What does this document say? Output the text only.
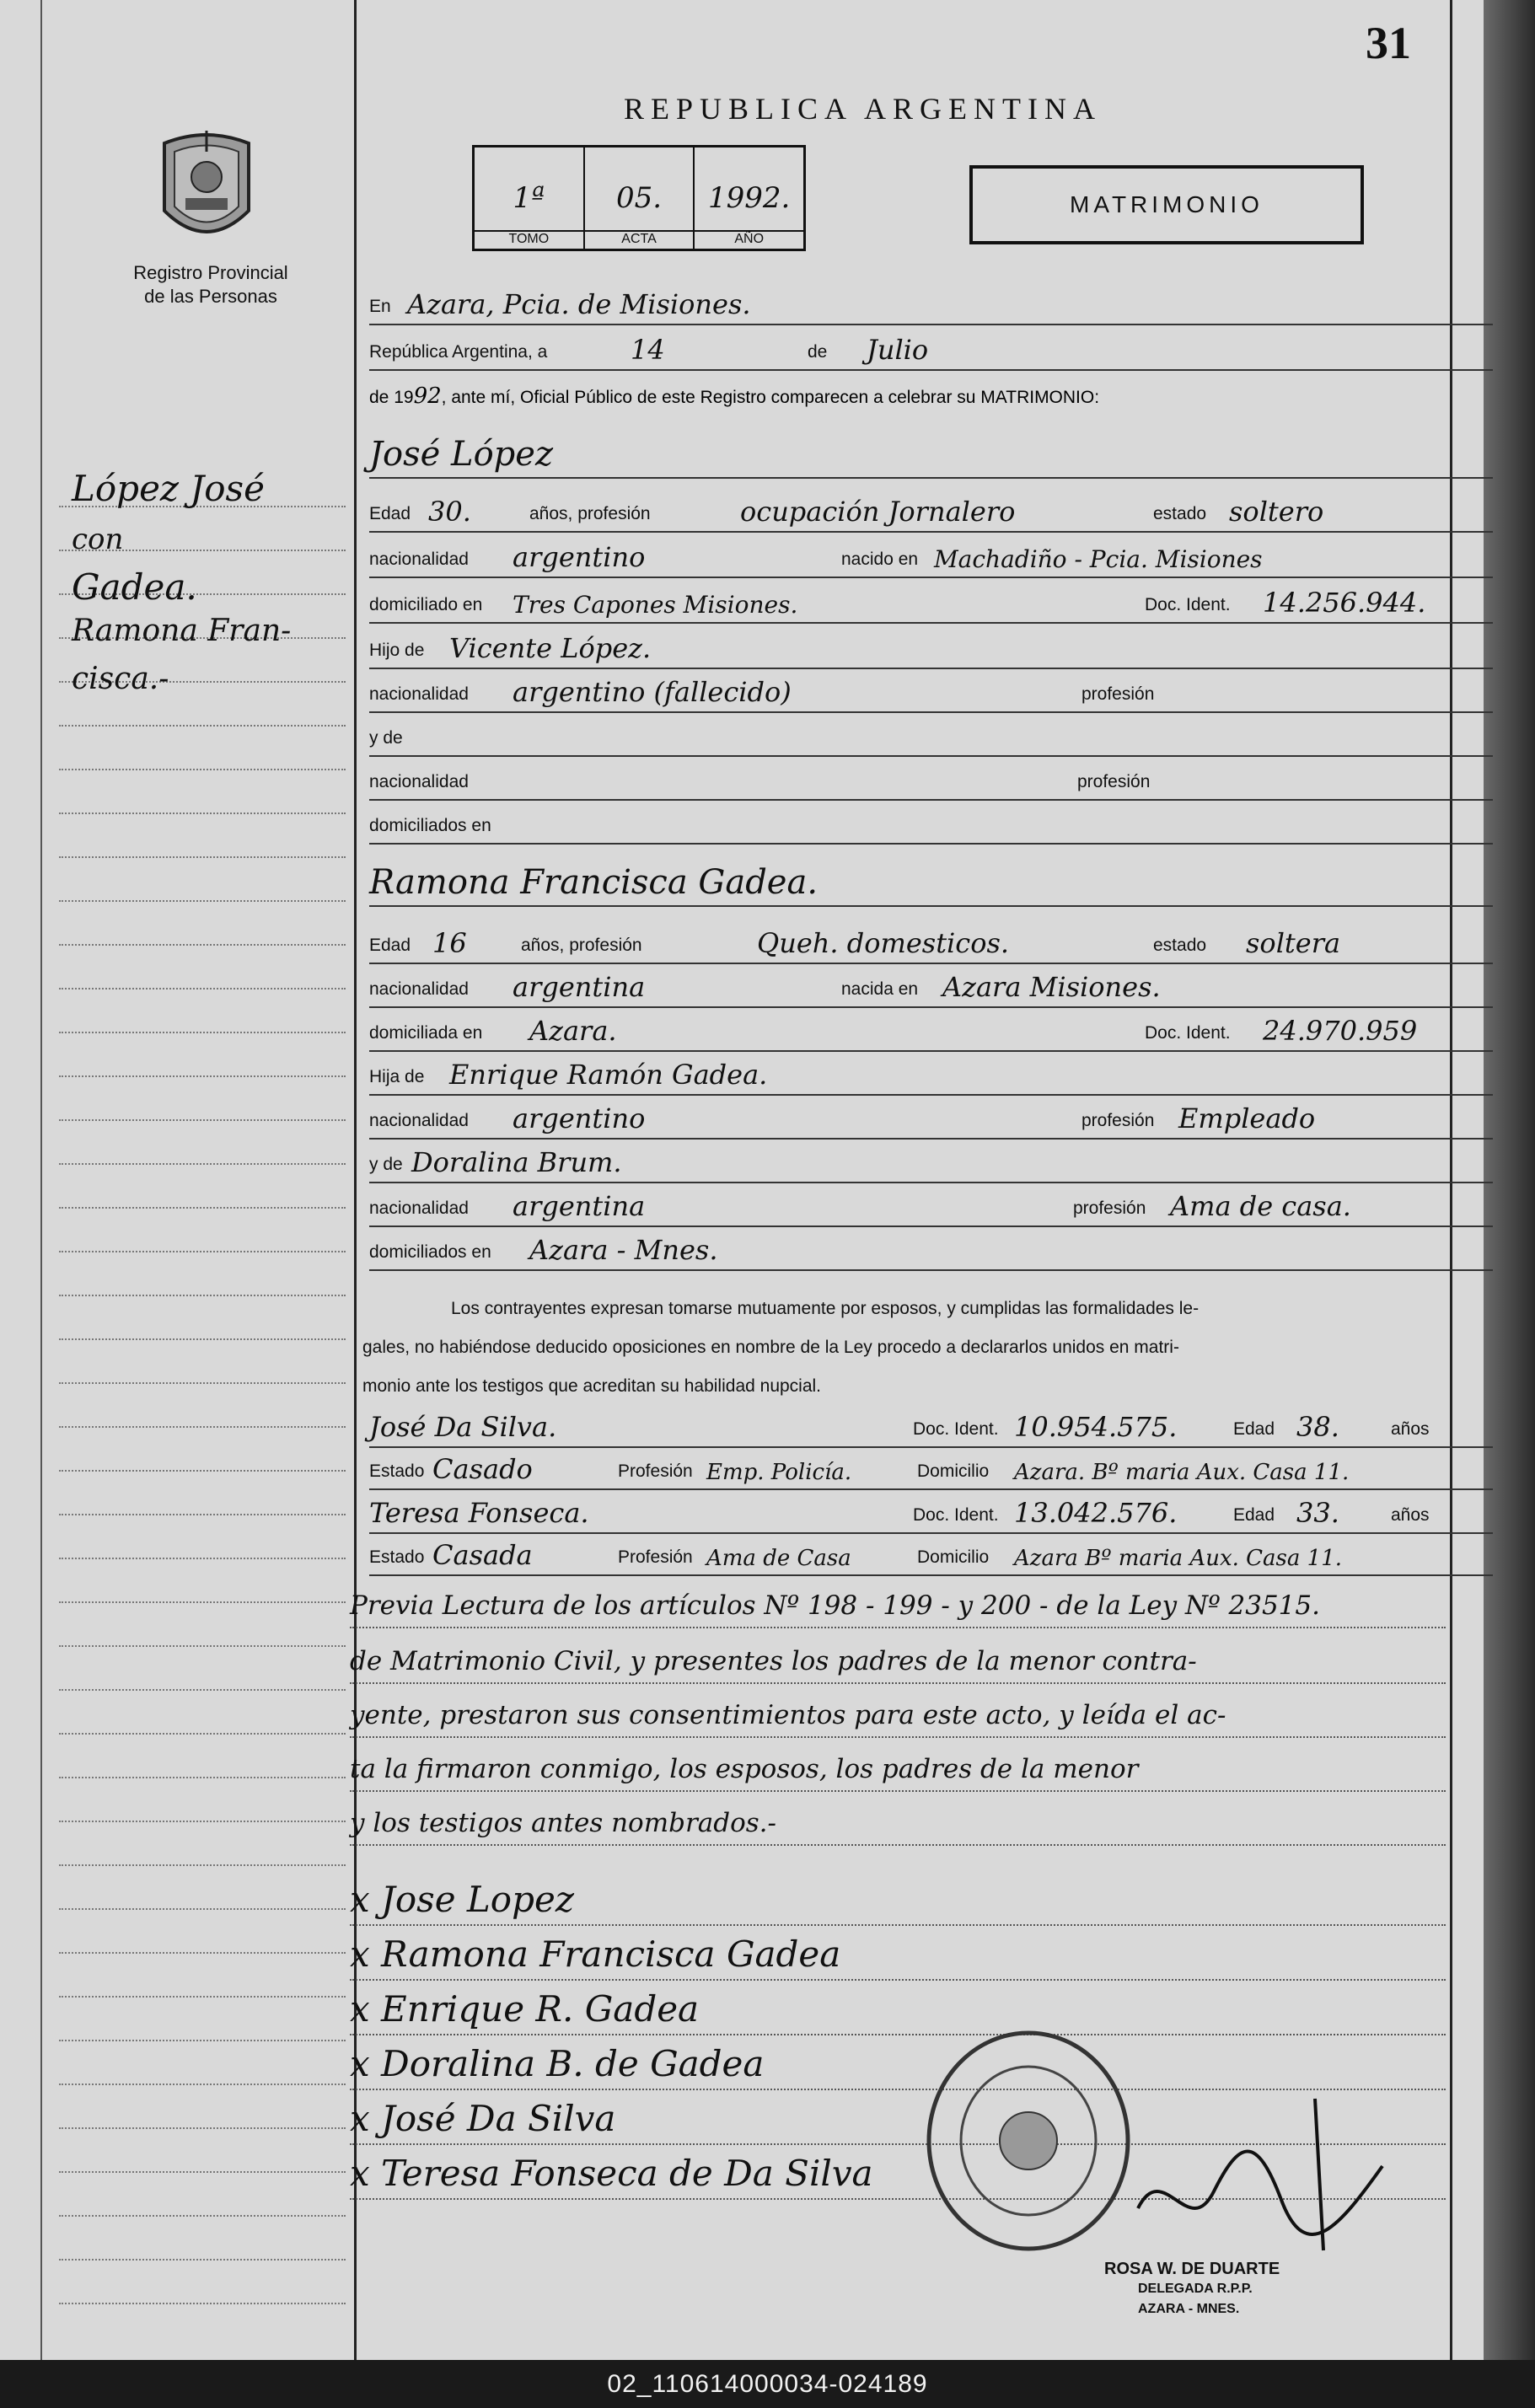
31
REPUBLICA ARGENTINA
1ª
TOMO
05.
ACTA
1992.
AÑO
MATRIMONIO
Registro Provincial
de las Personas
López José
con
Gadea.
Ramona Fran-
cisca.-
En Azara, Pcia. de Misiones.
República Argentina, a	14	de Julio
de 1992, ante mí, Oficial Público de este Registro comparecen a celebrar su MATRIMONIO:
José López
Edad 30.	años, profesión	ocupación Jornalero	estado soltero
nacionalidad argentino	nacido en Machadiño - Pcia. Misiones
domiciliado en Tres Capones Misiones.	Doc. Ident. 14.256.944.
Hijo de Vicente López.
nacionalidad argentino (fallecido)	profesión
y de
nacionalidad	profesión
domiciliados en
Ramona Francisca Gadea.
Edad 16	años, profesión	Queh. domesticos.	estado soltera
nacionalidad argentina	nacida en Azara Misiones.
domiciliada en Azara.	Doc. Ident. 24.970.959
Hija de Enrique Ramón Gadea.
nacionalidad argentino	profesión Empleado
y de Doralina Brum.
nacionalidad argentina	profesión Ama de casa.
domiciliados en Azara - Mnes.
Los contrayentes expresan tomarse mutuamente por esposos, y cumplidas las formalidades le-
gales, no habiéndose deducido oposiciones en nombre de la Ley procedo a declararlos unidos en matri-
monio ante los testigos que acreditan su habilidad nupcial.
José Da Silva.	Doc. Ident. 10.954.575.	Edad 38.	años
Estado Casado	Profesión Emp. Policía.	Domicilio Azara. Bº maria Aux. Casa 11.
Teresa Fonseca.	Doc. Ident. 13.042.576.	Edad 33.	años
Estado Casada	Profesión Ama de Casa	Domicilio Azara Bº maria Aux. Casa 11.
Previa Lectura de los artículos Nº 198 - 199 - y 200 - de la Ley Nº 23515.
de Matrimonio Civil, y presentes los padres de la menor contra-
yente, prestaron sus consentimientos para este acto, y leída el ac-
ta la firmaron conmigo, los esposos, los padres de la menor
y los testigos antes nombrados.-
x Jose Lopez
x Ramona Francisca Gadea
x Enrique R. Gadea
x Doralina B. de Gadea
x José Da Silva
x Teresa Fonseca de Da Silva
ROSA W. DE DUARTE
DELEGADA R.P.P.
AZARA - MNES.
02_110614000034-024189
